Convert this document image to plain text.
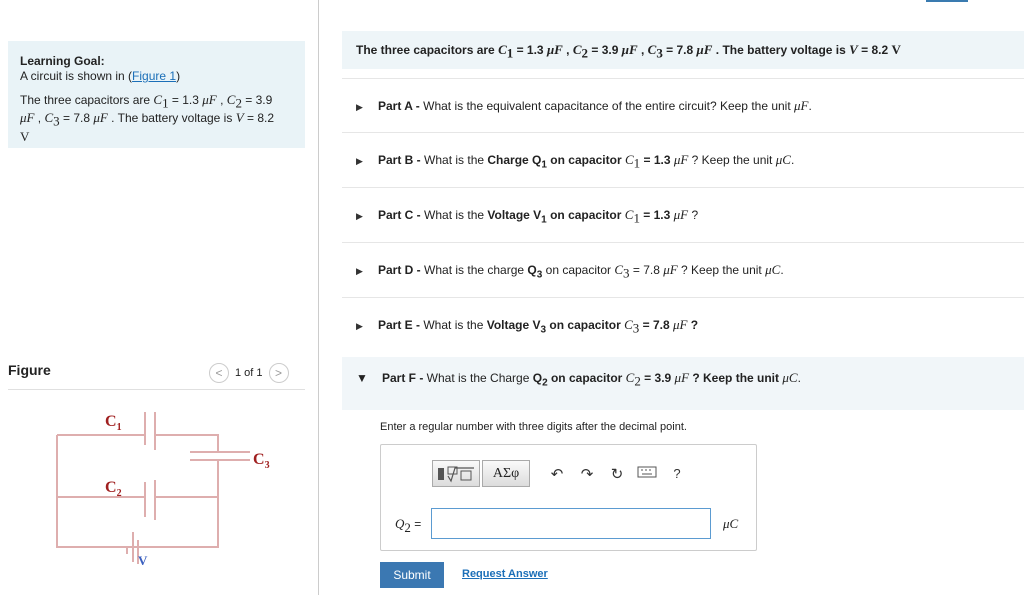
Learning Goal:
A circuit is shown in (Figure 1)
The three capacitors are $C_1 = 1.3$ μF , $C_2 = 3.9$
μF , $C_3 = 7.8$ μF . The battery voltage is V = 8.2
V
Figure	<	1 of 1	>
$C_1$
$C_2$
$C_3$
V
The three capacitors are $C_1 = 1.3$ μF , $C_2 = 3.9$ μF , $C_3 = 7.8$ μF . The battery voltage is V = 8.2 V
▶ Part A - What is the equivalent capacitance of the entire circuit? Keep the unit μF.
▶ Part B - What is the Charge $Q_1$ on capacitor $C_1 = 1.3$ μF ? Keep the unit μC.
▶ Part C - What is the Voltage $V_1$ on capacitor $C_1 = 1.3$ μF ?
▶ Part D - What is the charge $Q_3$ on capacitor $C_3 = 7.8$ μF ? Keep the unit μC.
▶ Part E - What is the Voltage $V_3$ on capacitor $C_3 = 7.8$ μF ?
▼ Part F - What is the Charge $Q_2$ on capacitor $C_2 = 3.9$ μF ? Keep the unit μC.
Enter a regular number with three digits after the decimal point.
ΑΣφ	↶	↷	↻	?
$Q_2$ =	μC
Submit	Request Answer
